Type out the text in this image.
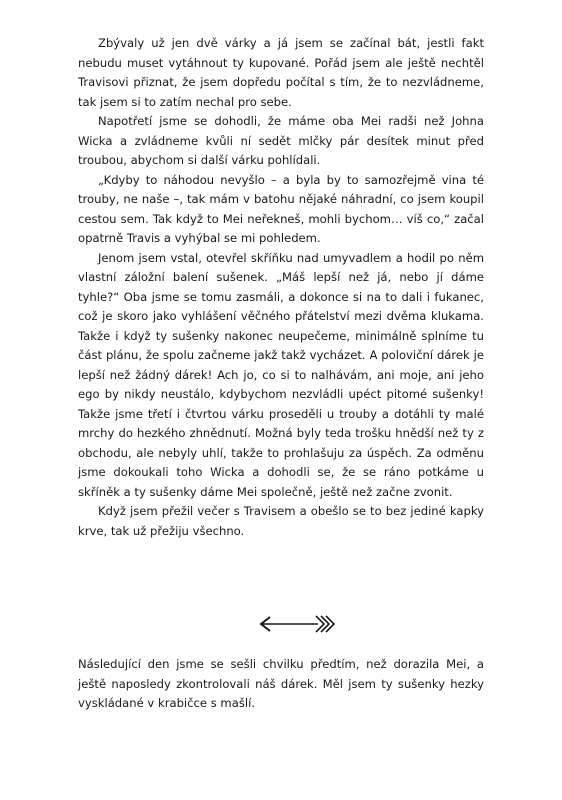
Zbývaly už jen dvě várky a já jsem se začínal bát, jestli fakt nebudu muset vytáhnout ty kupované. Pořád jsem ale ještě nechtěl Travisovi přiznat, že jsem dopředu počítal s tím, že to nezvládneme, tak jsem si to zatím nechal pro sebe.

Napotřetí jsme se dohodli, že máme oba Mei radši než Johna Wicka a zvládneme kvůli ní sedět mlčky pár desítek minut před troubou, abychom si další várku pohlídali.

„Kdyby to náhodou nevyšlo – a byla by to samozřejmě vina té trouby, ne naše –, tak mám v batohu nějaké náhradní, co jsem koupil cestou sem. Tak když to Mei neřekneš, mohli bychom… víš co,“ začal opatrně Travis a vyhýbal se mi pohledem.

Jenom jsem vstal, otevřel skříňku nad umyvadlem a hodil po něm vlastní záložní balení sušenek. „Máš lepší než já, nebo jí dáme tyhle?“ Oba jsme se tomu zasmáli, a dokonce si na to dali i fukanec, což je skoro jako vyhlášení věčného přátelství mezi dvěma klukama. Takže i když ty sušenky nakonec neupečeme, minimálně splníme tu část plánu, že spolu začneme jakž takž vycházet. A poloviční dárek je lepší než žádný dárek! Ach jo, co si to nalhávám, ani moje, ani jeho ego by nikdy neustálo, kdybychom nezvládli upéct pitomé sušenky! Takže jsme třetí i čtvrtou várku proseděli u trouby a dotáhli ty malé mrchy do hezkého zhnědnutí. Možná byly teda trošku hnědší než ty z obchodu, ale nebyly uhlí, takže to prohlašuju za úspěch. Za odměnu jsme dokoukali toho Wicka a dohodli se, že se ráno potkáme u skříněk a ty sušenky dáme Mei společně, ještě než začne zvonit.

Když jsem přežil večer s Travisem a obešlo se to bez jediné kapky krve, tak už přežiju všechno.

Následující den jsme se sešli chvilku předtím, než dorazila Mei, a ještě naposledy zkontrolovali náš dárek. Měl jsem ty sušenky hezky vyskládané v krabičce s mašlí.
